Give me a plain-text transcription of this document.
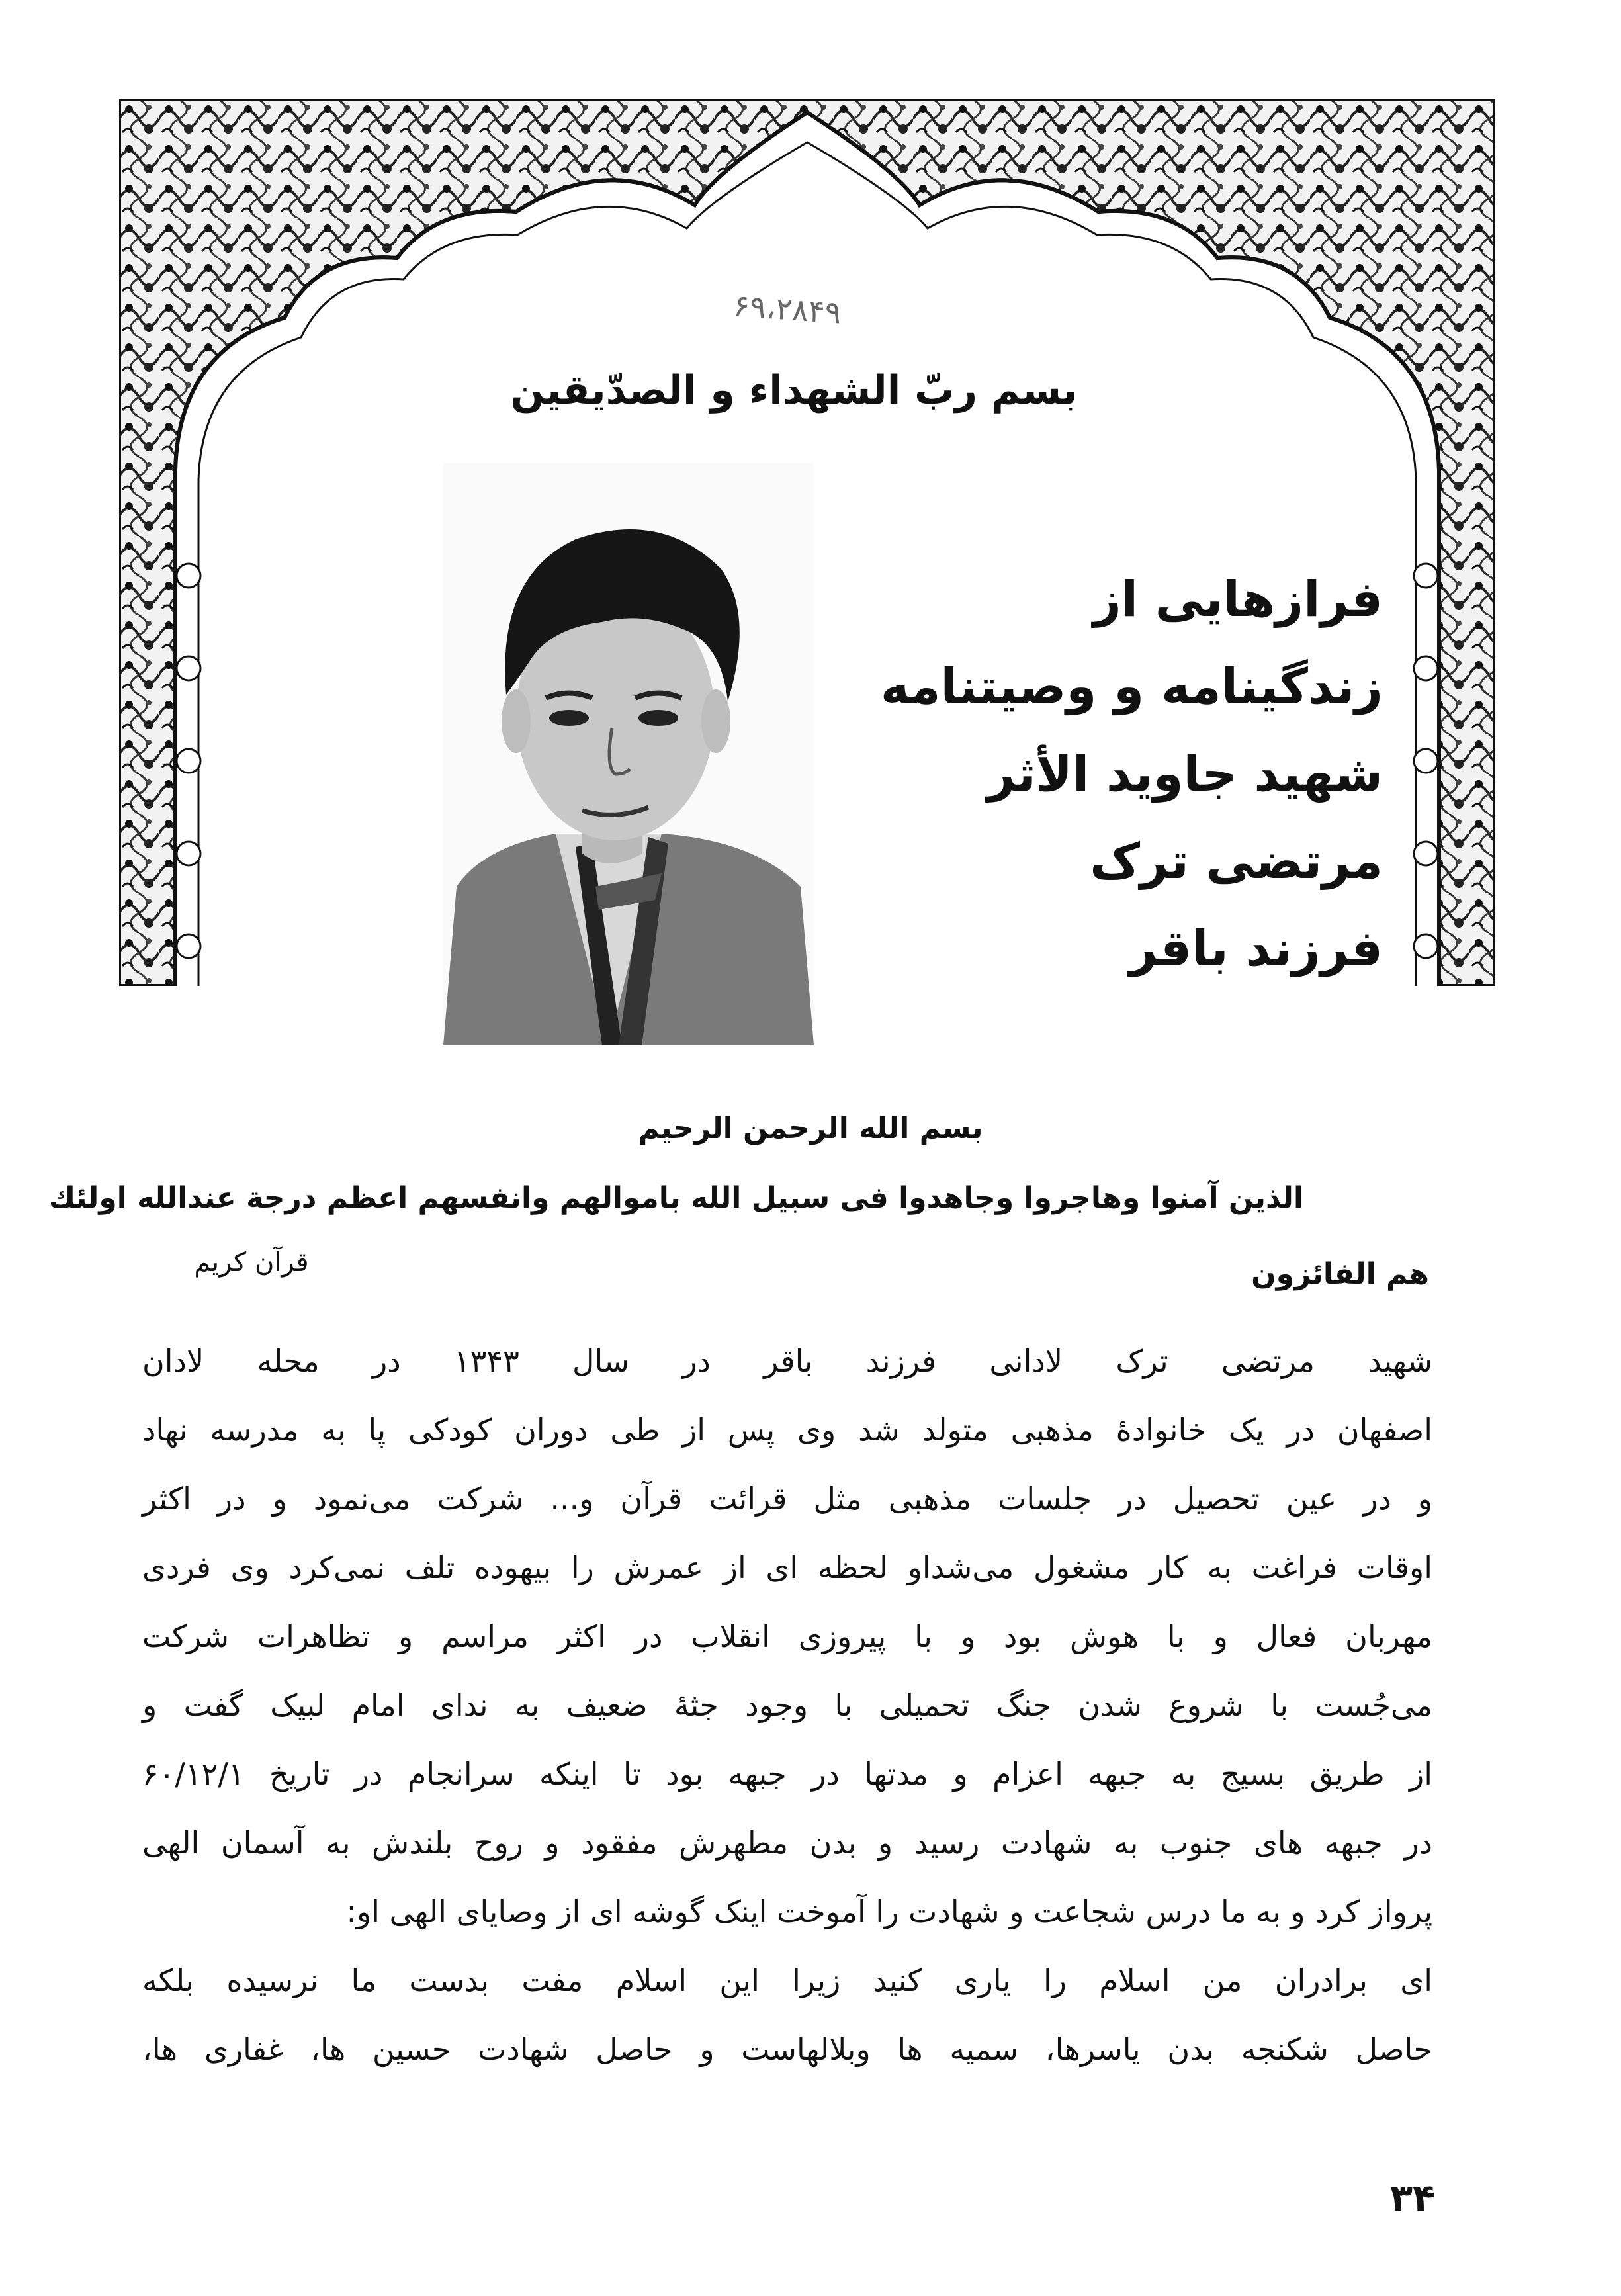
۶۹،۲۸۴۹
بسم ربّ الشهداء و الصدّیقین
فرازهایی از
زندگینامه و وصیتنامه
شهید جاوید الأثر
مرتضی ترک
فرزند باقر
بسم الله الرحمن الرحیم
الذین آمنوا وهاجروا وجاهدوا فی سبیل الله باموالهم وانفسهم اعظم درجة عندالله اولئك
قرآن کریم	هم الفائزون
شهید مرتضی ترک لادانی فرزند باقر در سال ۱۳۴۳ در محله لادان
اصفهان در یک خانوادهٔ مذهبی متولد شد وی پس از طی دوران کودکی پا به مدرسه نهاد
و در عین تحصیل در جلسات مذهبی مثل قرائت قرآن و... شرکت می‌نمود و در اکثر
اوقات فراغت به کار مشغول می‌شداو لحظه ای از عمرش را بیهوده تلف نمی‌کرد وی فردی
مهربان فعال و با هوش بود و با پیروزی انقلاب در اکثر مراسم و تظاهرات شرکت
می‌جُست با شروع شدن جنگ تحمیلی با وجود جثهٔ ضعیف به ندای امام لبیک گفت و
از طریق بسیج به جبهه اعزام و مدتها در جبهه بود تا اینکه سرانجام در تاریخ ۶۰/۱۲/۱
در جبهه های جنوب به شهادت رسید و بدن مطهرش مفقود و روح بلندش به آسمان الهی
پرواز کرد و به ما درس شجاعت و شهادت را آموخت اینک گوشه ای از وصایای الهی او:
ای برادران من اسلام را یاری کنید زیرا این اسلام مفت بدست ما نرسیده بلکه
حاصل شکنجه بدن یاسرها، سمیه ها وبلالهاست و حاصل شهادت حسین ها، غفاری ها،
۳۴
